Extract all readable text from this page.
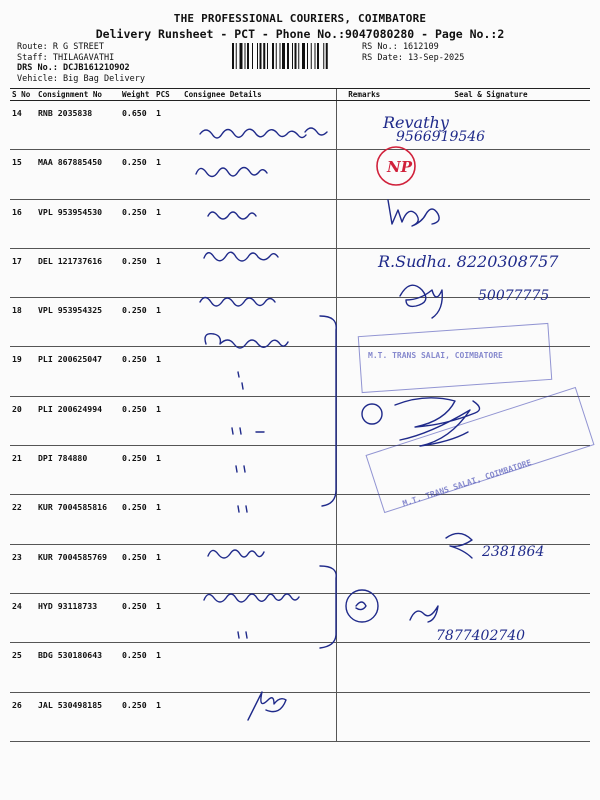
THE PROFESSIONAL COURIERS, COIMBATORE
Delivery Runsheet - PCT - Phone No.:9047080280 - Page No.:2
Route: R G STREET
Staff: THILAGAVATHI
DRS No.: DCJB16121O9O2
Vehicle: Big Bag Delivery
RS No.: 1612109
RS Date: 13-Sep-2025
S No	Consignment No	Weight	PCS	Consignee Details	Remarks	Seal & Signature
14	RNB 2035838	0.650	1			
15	MAA 867885450	0.250	1			
16	VPL 953954530	0.250	1			
17	DEL 121737616	0.250	1			
18	VPL 953954325	0.250	1			
19	PLI 200625047	0.250	1			
20	PLI 200624994	0.250	1			
21	DPI 784880	0.250	1			
22	KUR 7004585816	0.250	1			
23	KUR 7004585769	0.250	1			
24	HYD 93118733	0.250	1			
25	BDG 530180643	0.250	1			
26	JAL 530498185	0.250	1			
Revathy
9566919546
NP
R.Sudha. 8220308757
50077775
M.T. TRANS SALAI, COIMBATORE
M.T. TRANS SALAI, COIMBATORE
2381864
7877402740
